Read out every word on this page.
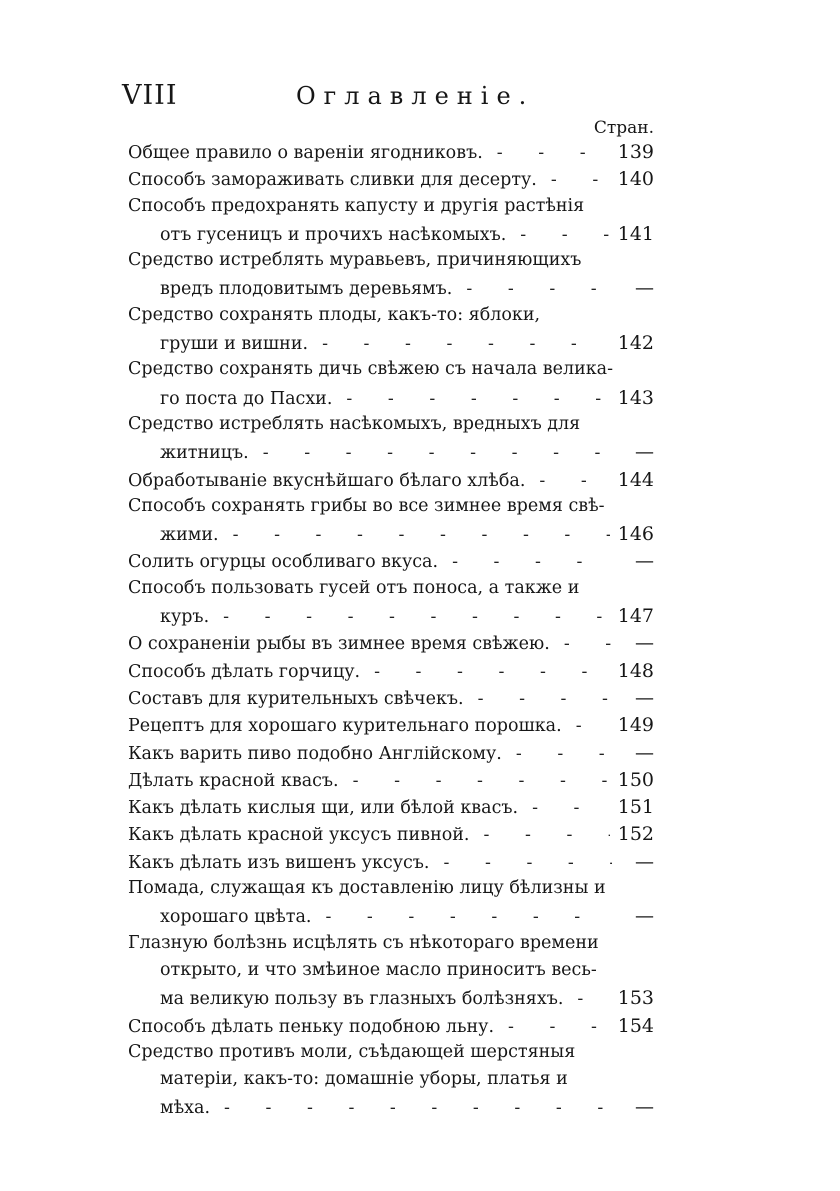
VIII	Оглавленіе.
Стран.
Общее правило о вареніи ягодниковъ. - - -	139
Способъ замораживать сливки для десерту. - - -	140
Способъ предохранять капусту и другія растѣнія
отъ гусеницъ и прочихъ насѣкомыхъ. - - -	141
Средство истреблять муравьевъ, причиняющихъ
вредъ плодовитымъ деревьямъ. - - -	—
Средство сохранять плоды, какъ-то: яблоки,
груши и вишни. - - -	142
Средство сохранять дичь свѣжею съ начала велика-
го поста до Пасхи. - - -	143
Средство истреблять насѣкомыхъ, вредныхъ для
житницъ. - - -	—
Обработываніе вкуснѣйшаго бѣлаго хлѣба. - - -	144
Способъ сохранять грибы во все зимнее время свѣ-
жими. - - -	146
Солить огурцы особливаго вкуса. - - -	—
Способъ пользовать гусей отъ поноса, а также и
куръ. - - -	147
О сохраненіи рыбы въ зимнее время свѣжею. - - -	—
Способъ дѣлать горчицу. - - -	148
Составъ для курительныхъ свѣчекъ. - - -	—
Рецептъ для хорошаго курительнаго порошка. - - -	149
Какъ варить пиво подобно Англійскому. - - -	—
Дѣлать красной квасъ. - - -	150
Какъ дѣлать кислыя щи, или бѣлой квасъ. - - -	151
Какъ дѣлать красной уксусъ пивной. - - -	152
Какъ дѣлать изъ вишенъ уксусъ. - - -	—
Помада, служащая къ доставленію лицу бѣлизны и
хорошаго цвѣта. - - -	—
Глазную болѣзнь исцѣлять съ нѣкотораго времени
открыто, и что змѣиное масло приноситъ весь-
ма великую пользу въ глазныхъ болѣзняхъ. - - -	153
Способъ дѣлать пеньку подобною льну. - - -	154
Средство противъ моли, съѣдающей шерстяныя
матеріи, какъ-то: домашніе уборы, платья и
мѣха. - - -	—
